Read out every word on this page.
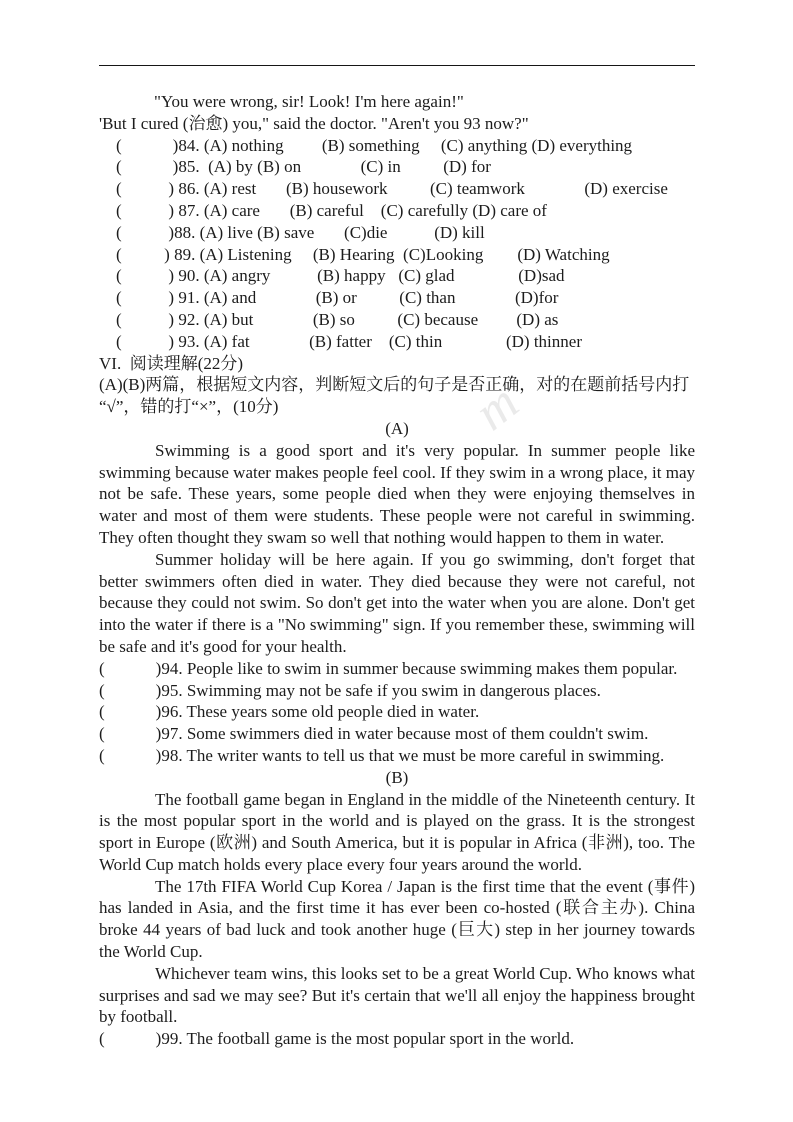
m
"You were wrong, sir! Look! I'm here again!"
'But I cured (治愈) you," said the doctor. "Aren't you 93 now?"
(            )84. (A) nothing         (B) something     (C) anything (D) everything
(            )85.  (A) by (B) on              (C) in          (D) for
(           ) 86. (A) rest       (B) housework          (C) teamwork              (D) exercise
(           ) 87. (A) care       (B) careful    (C) carefully (D) care of
(           )88. (A) live (B) save       (C)die           (D) kill
(          ) 89. (A) Listening     (B) Hearing  (C)Looking        (D) Watching
(           ) 90. (A) angry           (B) happy   (C) glad               (D)sad
(           ) 91. (A) and              (B) or          (C) than              (D)for
(           ) 92. (A) but              (B) so          (C) because         (D) as
(           ) 93. (A) fat              (B) fatter    (C) thin               (D) thinner
VI.  阅读理解(22分)
(A)(B)两篇，根据短文内容，判断短文后的句子是否正确，对的在题前括号内打
“√”，错的打“×”，(10分)
(A)

Swimming is a good sport and it's very popular. In summer people like swimming because water makes people feel cool. If they swim in a wrong place, it may not be safe. These years, some people died when they were enjoying themselves in water and most of them were students. These people were not careful in swimming. They often thought they swam so well that nothing would happen to them in water.

Summer holiday will be here again. If you go swimming, don't forget that better swimmers often died in water. They died because they were not careful, not because they could not swim. So don't get into the water when you are alone. Don't get into the water if there is a "No swimming" sign. If you remember these, swimming will be safe and it's good for your health.

(            )94. People like to swim in summer because swimming makes them popular.
(            )95. Swimming may not be safe if you swim in dangerous places.
(            )96. These years some old people died in water.
(            )97. Some swimmers died in water because most of them couldn't swim.
(            )98. The writer wants to tell us that we must be more careful in swimming.
(B)

The football game began in England in the middle of the Nineteenth century. It is the most popular sport in the world and is played on the grass. It is the strongest sport in Europe (欧洲) and South America, but it is popular in Africa (非洲), too. The World Cup match holds every place every four years around the world.

The 17th FIFA World Cup Korea / Japan is the first time that the event (事件) has landed in Asia, and the first time it has ever been co-hosted (联合主办). China broke 44 years of bad luck and took another huge (巨大) step in her journey towards the World Cup.

Whichever team wins, this looks set to be a great World Cup. Who knows what surprises and sad we may see? But it's certain that we'll all enjoy the happiness brought by football.

(            )99. The football game is the most popular sport in the world.
